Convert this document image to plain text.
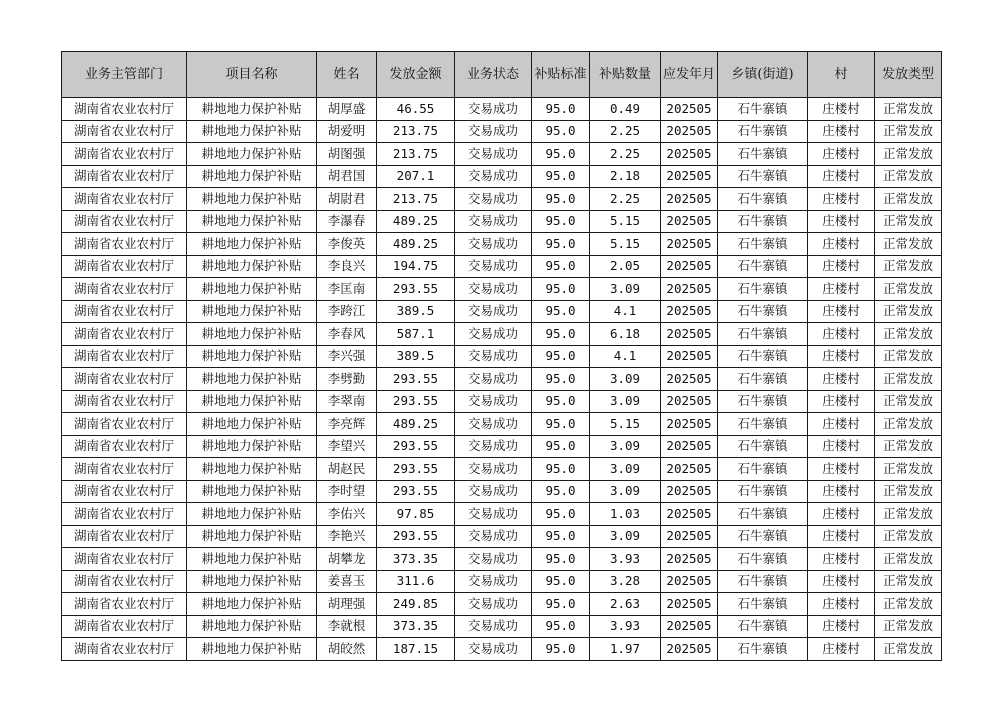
业务主管部门	项目名称	姓名	发放金额	业务状态	补贴标准	补贴数量	应发年月	乡镇(街道)	村	发放类型
湖南省农业农村厅	耕地地力保护补贴	胡厚盛	46.55	交易成功	95.0	0.49	202505	石牛寨镇	庄楼村	正常发放
湖南省农业农村厅	耕地地力保护补贴	胡爱明	213.75	交易成功	95.0	2.25	202505	石牛寨镇	庄楼村	正常发放
湖南省农业农村厅	耕地地力保护补贴	胡图强	213.75	交易成功	95.0	2.25	202505	石牛寨镇	庄楼村	正常发放
湖南省农业农村厅	耕地地力保护补贴	胡君国	207.1	交易成功	95.0	2.18	202505	石牛寨镇	庄楼村	正常发放
湖南省农业农村厅	耕地地力保护补贴	胡尉君	213.75	交易成功	95.0	2.25	202505	石牛寨镇	庄楼村	正常发放
湖南省农业农村厅	耕地地力保护补贴	李瀑春	489.25	交易成功	95.0	5.15	202505	石牛寨镇	庄楼村	正常发放
湖南省农业农村厅	耕地地力保护补贴	李俊英	489.25	交易成功	95.0	5.15	202505	石牛寨镇	庄楼村	正常发放
湖南省农业农村厅	耕地地力保护补贴	李良兴	194.75	交易成功	95.0	2.05	202505	石牛寨镇	庄楼村	正常发放
湖南省农业农村厅	耕地地力保护补贴	李匡南	293.55	交易成功	95.0	3.09	202505	石牛寨镇	庄楼村	正常发放
湖南省农业农村厅	耕地地力保护补贴	李跨江	389.5	交易成功	95.0	4.1	202505	石牛寨镇	庄楼村	正常发放
湖南省农业农村厅	耕地地力保护补贴	李春风	587.1	交易成功	95.0	6.18	202505	石牛寨镇	庄楼村	正常发放
湖南省农业农村厅	耕地地力保护补贴	李兴强	389.5	交易成功	95.0	4.1	202505	石牛寨镇	庄楼村	正常发放
湖南省农业农村厅	耕地地力保护补贴	李劈勤	293.55	交易成功	95.0	3.09	202505	石牛寨镇	庄楼村	正常发放
湖南省农业农村厅	耕地地力保护补贴	李翠南	293.55	交易成功	95.0	3.09	202505	石牛寨镇	庄楼村	正常发放
湖南省农业农村厅	耕地地力保护补贴	李亮辉	489.25	交易成功	95.0	5.15	202505	石牛寨镇	庄楼村	正常发放
湖南省农业农村厅	耕地地力保护补贴	李望兴	293.55	交易成功	95.0	3.09	202505	石牛寨镇	庄楼村	正常发放
湖南省农业农村厅	耕地地力保护补贴	胡赵民	293.55	交易成功	95.0	3.09	202505	石牛寨镇	庄楼村	正常发放
湖南省农业农村厅	耕地地力保护补贴	李时望	293.55	交易成功	95.0	3.09	202505	石牛寨镇	庄楼村	正常发放
湖南省农业农村厅	耕地地力保护补贴	李佑兴	97.85	交易成功	95.0	1.03	202505	石牛寨镇	庄楼村	正常发放
湖南省农业农村厅	耕地地力保护补贴	李艳兴	293.55	交易成功	95.0	3.09	202505	石牛寨镇	庄楼村	正常发放
湖南省农业农村厅	耕地地力保护补贴	胡攀龙	373.35	交易成功	95.0	3.93	202505	石牛寨镇	庄楼村	正常发放
湖南省农业农村厅	耕地地力保护补贴	姜喜玉	311.6	交易成功	95.0	3.28	202505	石牛寨镇	庄楼村	正常发放
湖南省农业农村厅	耕地地力保护补贴	胡理强	249.85	交易成功	95.0	2.63	202505	石牛寨镇	庄楼村	正常发放
湖南省农业农村厅	耕地地力保护补贴	李就根	373.35	交易成功	95.0	3.93	202505	石牛寨镇	庄楼村	正常发放
湖南省农业农村厅	耕地地力保护补贴	胡皎然	187.15	交易成功	95.0	1.97	202505	石牛寨镇	庄楼村	正常发放
